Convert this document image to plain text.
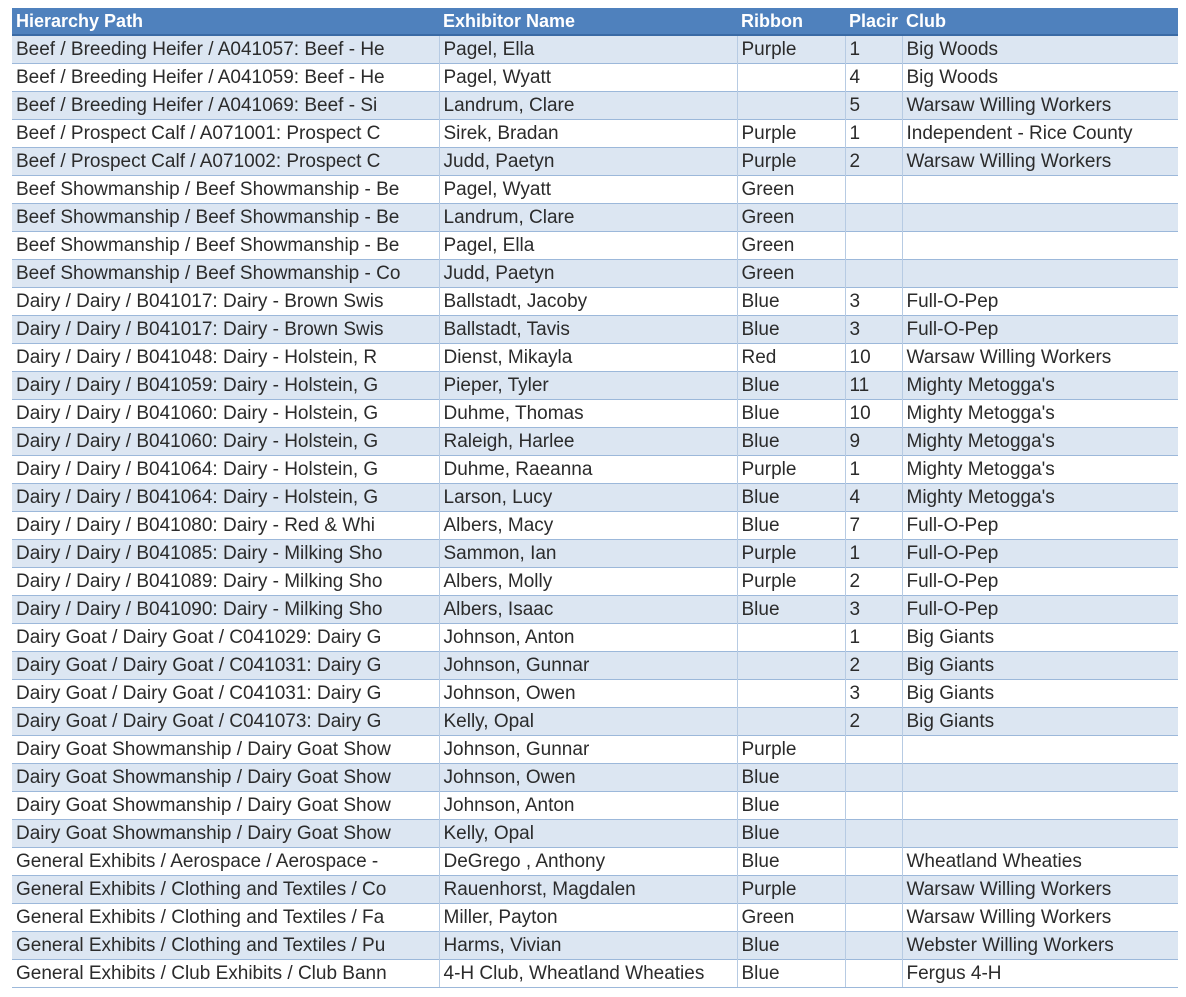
Hierarchy Path	Exhibitor Name	Ribbon	Placir	Club
Beef / Breeding Heifer / A041057: Beef - He	Pagel, Ella	Purple	1	Big Woods
Beef / Breeding Heifer / A041059: Beef - He	Pagel, Wyatt		4	Big Woods
Beef / Breeding Heifer / A041069: Beef - Si	Landrum, Clare		5	Warsaw Willing Workers
Beef / Prospect Calf / A071001: Prospect C	Sirek, Bradan	Purple	1	Independent - Rice County
Beef / Prospect Calf / A071002: Prospect C	Judd, Paetyn	Purple	2	Warsaw Willing Workers
Beef Showmanship / Beef Showmanship - Be	Pagel, Wyatt	Green		
Beef Showmanship / Beef Showmanship - Be	Landrum, Clare	Green		
Beef Showmanship / Beef Showmanship - Be	Pagel, Ella	Green		
Beef Showmanship / Beef Showmanship - Co	Judd, Paetyn	Green		
Dairy / Dairy / B041017: Dairy - Brown Swis	Ballstadt, Jacoby	Blue	3	Full-O-Pep
Dairy / Dairy / B041017: Dairy - Brown Swis	Ballstadt, Tavis	Blue	3	Full-O-Pep
Dairy / Dairy / B041048: Dairy - Holstein, R	Dienst, Mikayla	Red	10	Warsaw Willing Workers
Dairy / Dairy / B041059: Dairy - Holstein, G	Pieper, Tyler	Blue	11	Mighty Metogga's
Dairy / Dairy / B041060: Dairy - Holstein, G	Duhme, Thomas	Blue	10	Mighty Metogga's
Dairy / Dairy / B041060: Dairy - Holstein, G	Raleigh, Harlee	Blue	9	Mighty Metogga's
Dairy / Dairy / B041064: Dairy - Holstein, G	Duhme, Raeanna	Purple	1	Mighty Metogga's
Dairy / Dairy / B041064: Dairy - Holstein, G	Larson, Lucy	Blue	4	Mighty Metogga's
Dairy / Dairy / B041080: Dairy - Red & Whi	Albers, Macy	Blue	7	Full-O-Pep
Dairy / Dairy / B041085: Dairy - Milking Sho	Sammon, Ian	Purple	1	Full-O-Pep
Dairy / Dairy / B041089: Dairy - Milking Sho	Albers, Molly	Purple	2	Full-O-Pep
Dairy / Dairy / B041090: Dairy - Milking Sho	Albers, Isaac	Blue	3	Full-O-Pep
Dairy Goat / Dairy Goat / C041029: Dairy G	Johnson, Anton		1	Big Giants
Dairy Goat / Dairy Goat / C041031: Dairy G	Johnson, Gunnar		2	Big Giants
Dairy Goat / Dairy Goat / C041031: Dairy G	Johnson, Owen		3	Big Giants
Dairy Goat / Dairy Goat / C041073: Dairy G	Kelly, Opal		2	Big Giants
Dairy Goat Showmanship / Dairy Goat Show	Johnson, Gunnar	Purple		
Dairy Goat Showmanship / Dairy Goat Show	Johnson, Owen	Blue		
Dairy Goat Showmanship / Dairy Goat Show	Johnson, Anton	Blue		
Dairy Goat Showmanship / Dairy Goat Show	Kelly, Opal	Blue		
General Exhibits / Aerospace / Aerospace -	DeGrego , Anthony	Blue		Wheatland Wheaties
General Exhibits / Clothing and Textiles / Co	Rauenhorst, Magdalen	Purple		Warsaw Willing Workers
General Exhibits / Clothing and Textiles / Fa	Miller, Payton	Green		Warsaw Willing Workers
General Exhibits / Clothing and Textiles / Pu	Harms, Vivian	Blue		Webster Willing Workers
General Exhibits / Club Exhibits / Club Bann	4-H Club, Wheatland Wheaties	Blue		Fergus 4-H
